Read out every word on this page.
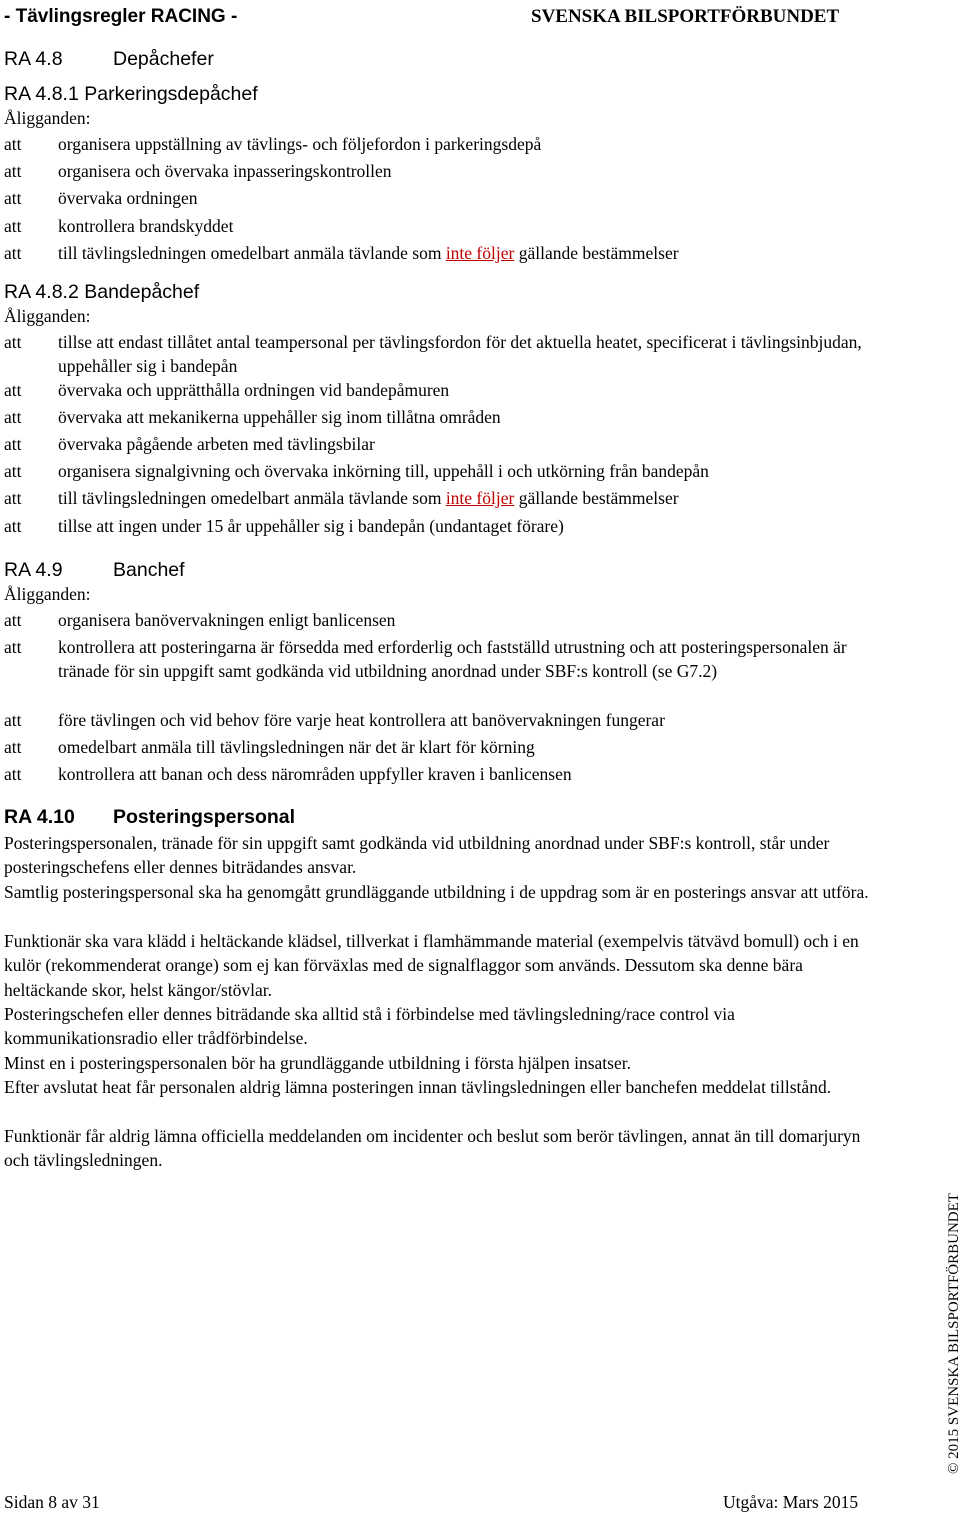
- Tävlingsregler RACING -	SVENSKA BILSPORTFÖRBUNDET
RA 4.8	Depåchefer
RA 4.8.1 Parkeringsdepåchef
Åligganden:
att organisera uppställning av tävlings- och följefordon i parkeringsdepå
att organisera och övervaka inpasseringskontrollen
att övervaka ordningen
att kontrollera brandskyddet
att till tävlingsledningen omedelbart anmäla tävlande som inte följer gällande bestämmelser
RA 4.8.2 Bandepåchef
Åligganden:
att tillse att endast tillåtet antal teampersonal per tävlingsfordon för det aktuella heatet, specificerat i tävlingsinbjudan, uppehåller sig i bandepån
att övervaka och upprätthålla ordningen vid bandepåmuren
att övervaka att mekanikerna uppehåller sig inom tillåtna områden
att övervaka pågående arbeten med tävlingsbilar
att organisera signalgivning och övervaka inkörning till, uppehåll i och utkörning från bandepån
att till tävlingsledningen omedelbart anmäla tävlande som inte följer gällande bestämmelser
att tillse att ingen under 15 år uppehåller sig i bandepån (undantaget förare)
RA 4.9	Banchef
Åligganden:
att organisera banövervakningen enligt banlicensen
att kontrollera att posteringarna är försedda med erforderlig och fastställd utrustning och att posteringspersonalen är tränade för sin uppgift samt godkända vid utbildning anordnad under SBF:s kontroll (se G7.2)
att före tävlingen och vid behov före varje heat kontrollera att banövervakningen fungerar
att omedelbart anmäla till tävlingsledningen när det är klart för körning
att kontrollera att banan och dess närområden uppfyller kraven i banlicensen
RA 4.10 Posteringspersonal
Posteringspersonalen, tränade för sin uppgift samt godkända vid utbildning anordnad under SBF:s kontroll, står under posteringschefens eller dennes biträdandes ansvar.
Samtlig posteringspersonal ska ha genomgått grundläggande utbildning i de uppdrag som är en posterings ansvar att utföra.
Funktionär ska vara klädd i heltäckande klädsel, tillverkat i flamhämmande material (exempelvis tätvävd bomull) och i en kulör (rekommenderat orange) som ej kan förväxlas med de signalflaggor som används. Dessutom ska denne bära heltäckande skor, helst kängor/stövlar.
Posteringschefen eller dennes biträdande ska alltid stå i förbindelse med tävlingsledning/race control via kommunikationsradio eller trådförbindelse.
Minst en i posteringspersonalen bör ha grundläggande utbildning i första hjälpen insatser.
Efter avslutat heat får personalen aldrig lämna posteringen innan tävlingsledningen eller banchefen meddelat tillstånd.
Funktionär får aldrig lämna officiella meddelanden om incidenter och beslut som berör tävlingen, annat än till domarjuryn och tävlingsledningen.
© 2015 SVENSKA BILSPORTFÖRBUNDET
Sidan 8 av 31	Utgåva: Mars 2015
